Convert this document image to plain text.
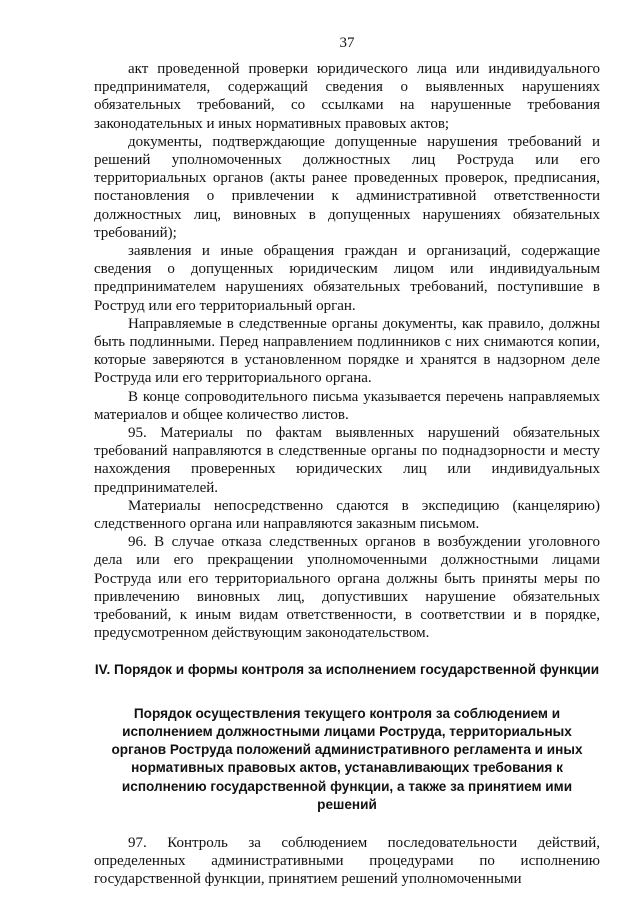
37

акт проведенной проверки юридического лица или индивидуального предпринимателя, содержащий сведения о выявленных нарушениях обязательных требований, со ссылками на нарушенные требования законодательных и иных нормативных правовых актов;

документы, подтверждающие допущенные нарушения требований и решений уполномоченных должностных лиц Роструда или его территориальных органов (акты ранее проведенных проверок, предписания, постановления о привлечении к административной ответственности должностных лиц, виновных в допущенных нарушениях обязательных требований);

заявления и иные обращения граждан и организаций, содержащие сведения о допущенных юридическим лицом или индивидуальным предпринимателем нарушениях обязательных требований, поступившие в Роструд или его территориальный орган.

Направляемые в следственные органы документы, как правило, должны быть подлинными. Перед направлением подлинников с них снимаются копии, которые заверяются в установленном порядке и хранятся в надзорном деле Роструда или его территориального органа.

В конце сопроводительного письма указывается перечень направляемых материалов и общее количество листов.

95. Материалы по фактам выявленных нарушений обязательных требований направляются в следственные органы по поднадзорности и месту нахождения проверенных юридических лиц или индивидуальных предпринимателей.

Материалы непосредственно сдаются в экспедицию (канцелярию) следственного органа или направляются заказным письмом.

96. В случае отказа следственных органов в возбуждении уголовного дела или его прекращении уполномоченными должностными лицами Роструда или его территориального органа должны быть приняты меры по привлечению виновных лиц, допустивших нарушение обязательных требований, к иным видам ответственности, в соответствии и в порядке, предусмотренном действующим законодательством.

IV. Порядок и формы контроля за исполнением государственной функции

Порядок осуществления текущего контроля за соблюдением и исполнением должностными лицами Роструда, территориальных органов Роструда положений административного регламента и иных нормативных правовых актов, устанавливающих требования к исполнению государственной функции, а также за принятием ими решений

97. Контроль за соблюдением последовательности действий, определенных административными процедурами по исполнению государственной функции, принятием решений уполномоченными
